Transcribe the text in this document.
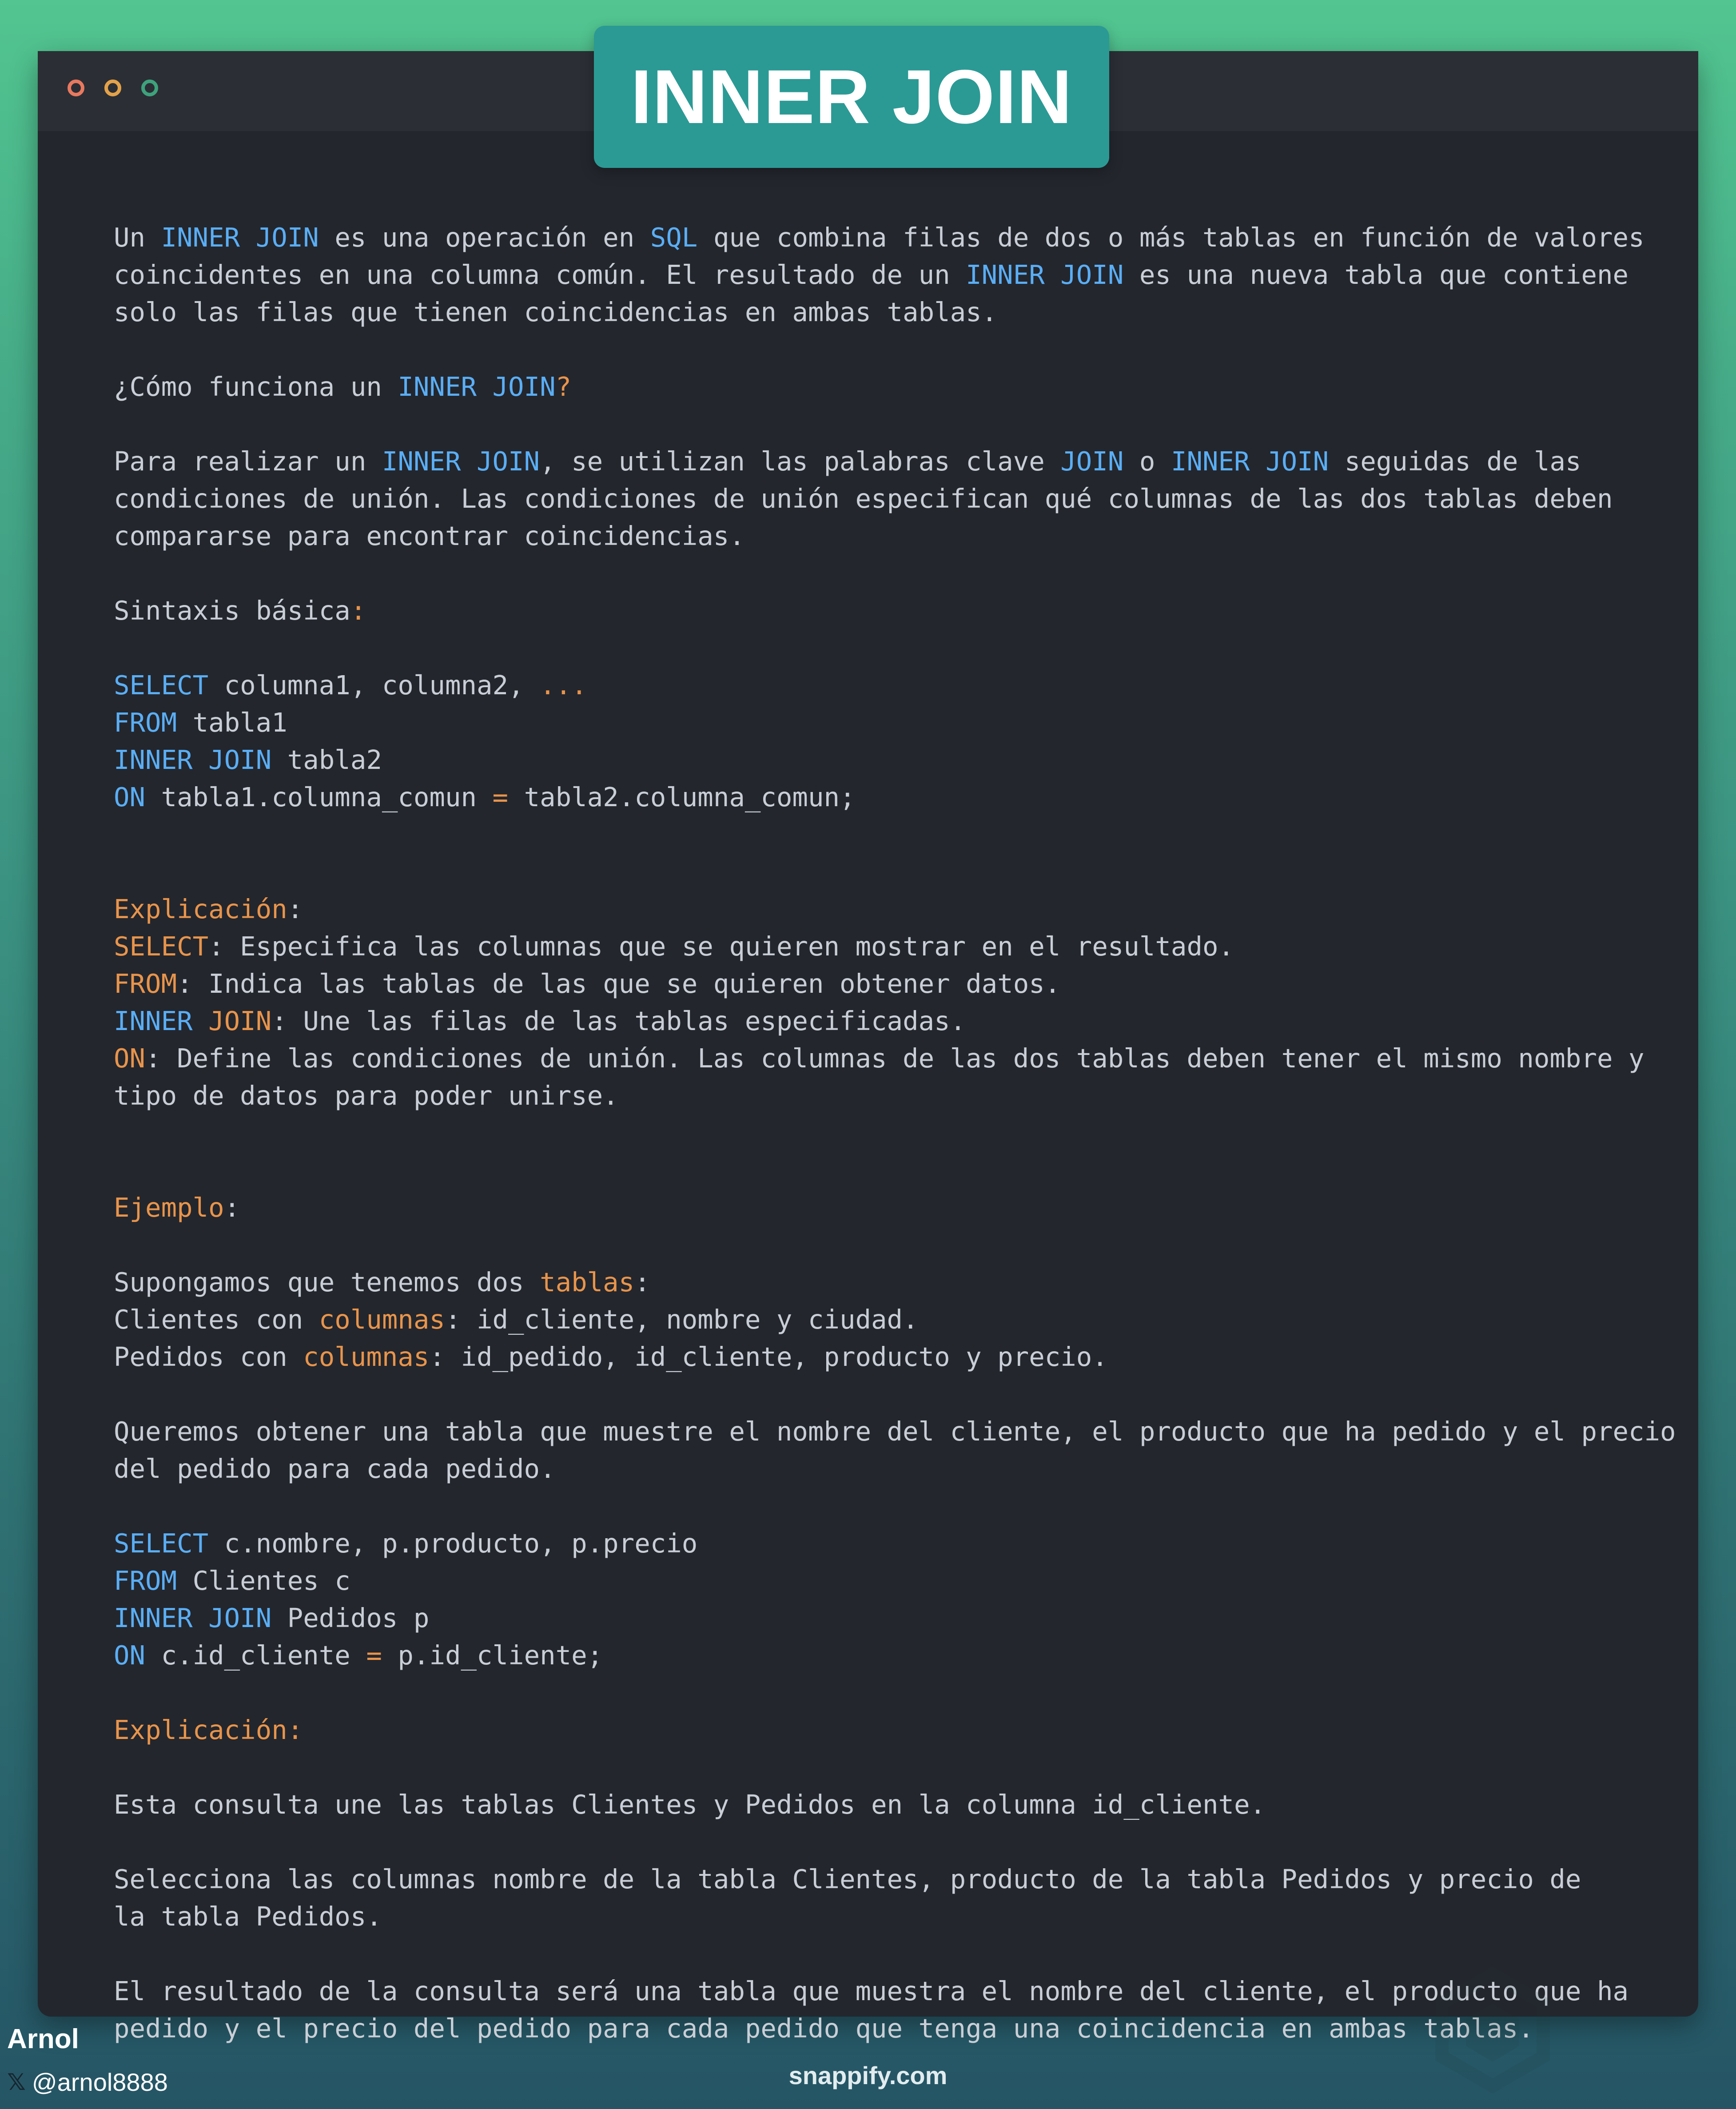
Un INNER JOIN es una operación en SQL que combina filas de dos o más tablas en función de valores
coincidentes en una columna común. El resultado de un INNER JOIN es una nueva tabla que contiene
solo las filas que tienen coincidencias en ambas tablas.
¿Cómo funciona un INNER JOIN?
Para realizar un INNER JOIN, se utilizan las palabras clave JOIN o INNER JOIN seguidas de las
condiciones de unión. Las condiciones de unión especifican qué columnas de las dos tablas deben
compararse para encontrar coincidencias.
Sintaxis básica:
SELECT columna1, columna2, ...
FROM tabla1
INNER JOIN tabla2
ON tabla1.columna_comun = tabla2.columna_comun;
Explicación:
SELECT: Especifica las columnas que se quieren mostrar en el resultado.
FROM: Indica las tablas de las que se quieren obtener datos.
INNER JOIN: Une las filas de las tablas especificadas.
ON: Define las condiciones de unión. Las columnas de las dos tablas deben tener el mismo nombre y
tipo de datos para poder unirse.
Ejemplo:
Supongamos que tenemos dos tablas:
Clientes con columnas: id_cliente, nombre y ciudad.
Pedidos con columnas: id_pedido, id_cliente, producto y precio.
Queremos obtener una tabla que muestre el nombre del cliente, el producto que ha pedido y el precio
del pedido para cada pedido.
SELECT c.nombre, p.producto, p.precio
FROM Clientes c
INNER JOIN Pedidos p
ON c.id_cliente = p.id_cliente;
Explicación:
Esta consulta une las tablas Clientes y Pedidos en la columna id_cliente.
Selecciona las columnas nombre de la tabla Clientes, producto de la tabla Pedidos y precio de
la tabla Pedidos.
El resultado de la consulta será una tabla que muestra el nombre del cliente, el producto que ha
pedido y el precio del pedido para cada pedido que tenga una coincidencia en ambas tablas.
INNER JOIN
Arnol
𝕏 @arnol8888	snappify.com
